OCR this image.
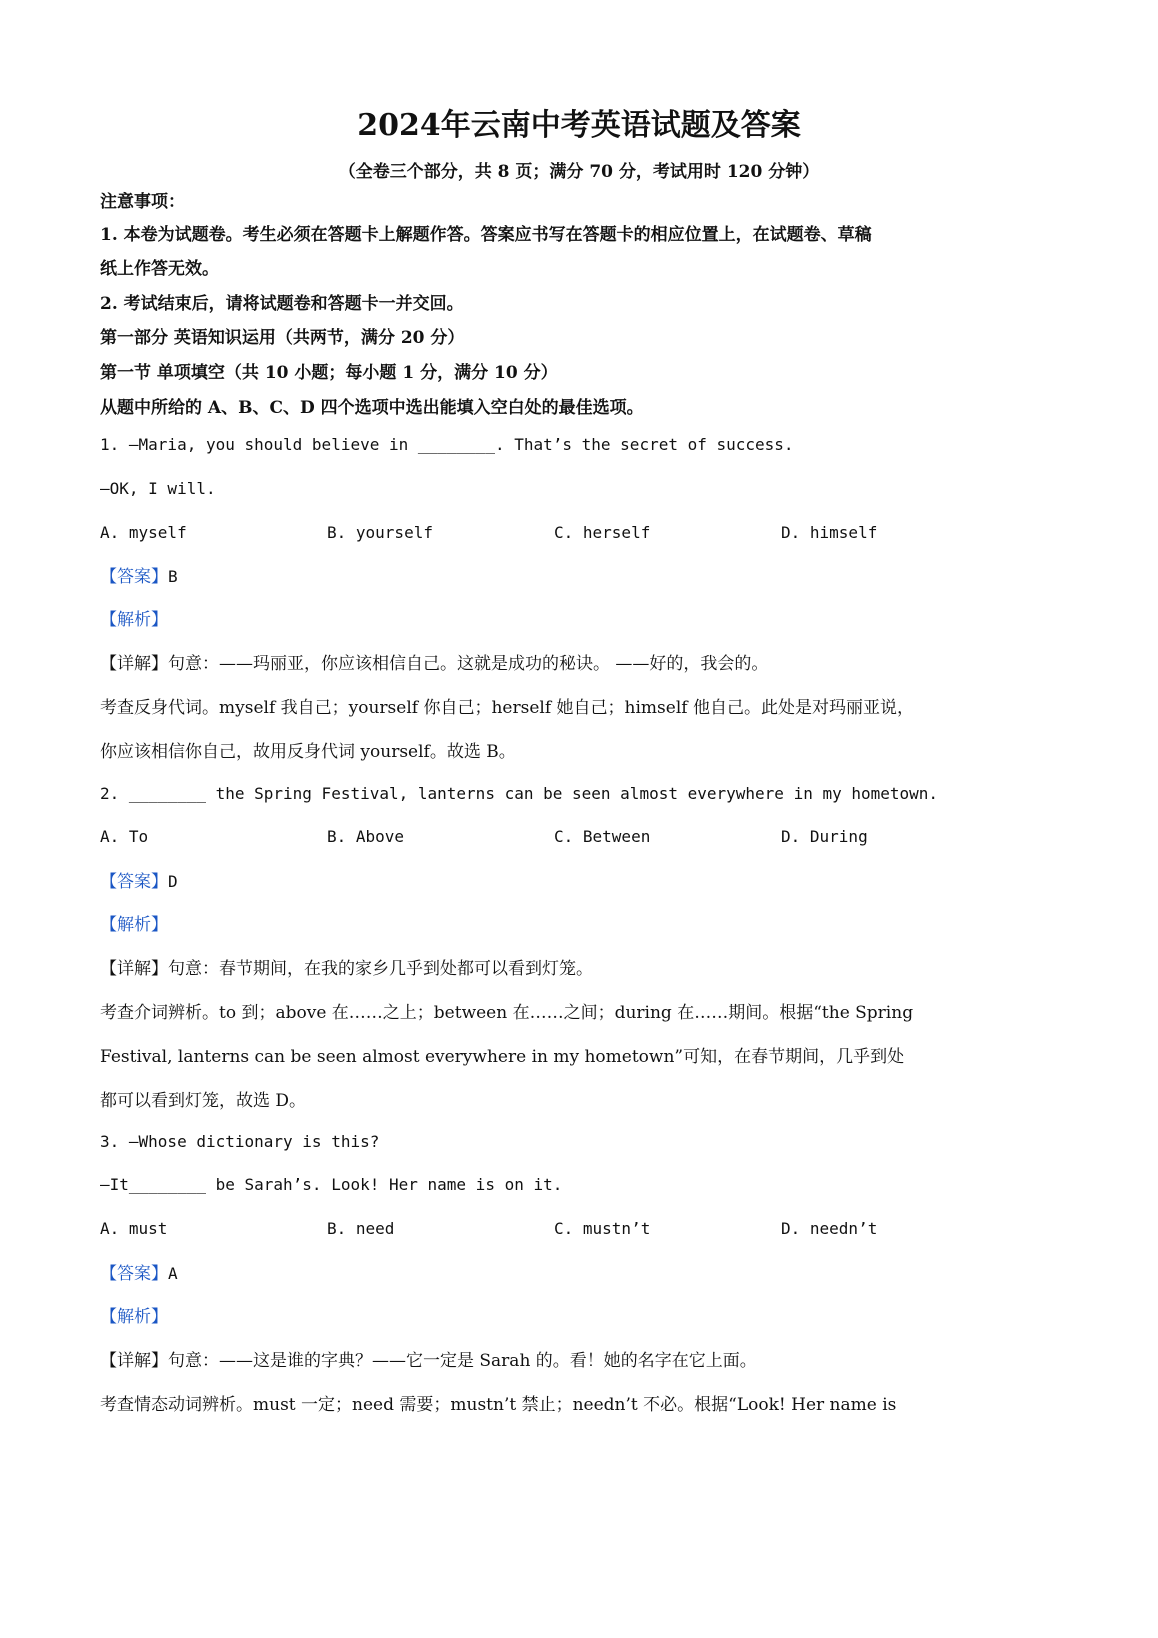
2024年云南中考英语试题及答案
（全卷三个部分，共 8 页；满分 70 分，考试用时 120 分钟）
注意事项：
1. 本卷为试题卷。考生必须在答题卡上解题作答。答案应书写在答题卡的相应位置上，在试题卷、草稿
纸上作答无效。
2. 考试结束后，请将试题卷和答题卡一并交回。
第一部分 英语知识运用（共两节，满分 20 分）
第一节 单项填空（共 10 小题；每小题 1 分，满分 10 分）
从题中所给的 A、B、C、D 四个选项中选出能填入空白处的最佳选项。
1. —Maria, you should believe in ________. That’s the secret of success.
—OK, I will.
A. myself	B. yourself	C. herself	D. himself
【答案】B
【解析】
【详解】句意：——玛丽亚，你应该相信自己。这就是成功的秘诀。 ——好的，我会的。
考查反身代词。myself 我自己；yourself 你自己；herself 她自己；himself 他自己。此处是对玛丽亚说，
你应该相信你自己，故用反身代词 yourself。故选 B。
2. ________ the Spring Festival, lanterns can be seen almost everywhere in my hometown.
A. To	B. Above	C. Between	D. During
【答案】D
【解析】
【详解】句意：春节期间，在我的家乡几乎到处都可以看到灯笼。
考查介词辨析。to 到；above 在……之上；between 在……之间；during 在……期间。根据“the Spring
Festival, lanterns can be seen almost everywhere in my hometown”可知，在春节期间，几乎到处
都可以看到灯笼，故选 D。
3. —Whose dictionary is this?
—It________ be Sarah’s. Look! Her name is on it.
A. must	B. need	C. mustn’t	D. needn’t
【答案】A
【解析】
【详解】句意：——这是谁的字典？——它一定是 Sarah 的。看！她的名字在它上面。
考查情态动词辨析。must 一定；need 需要；mustn’t 禁止；needn’t 不必。根据“Look! Her name is
